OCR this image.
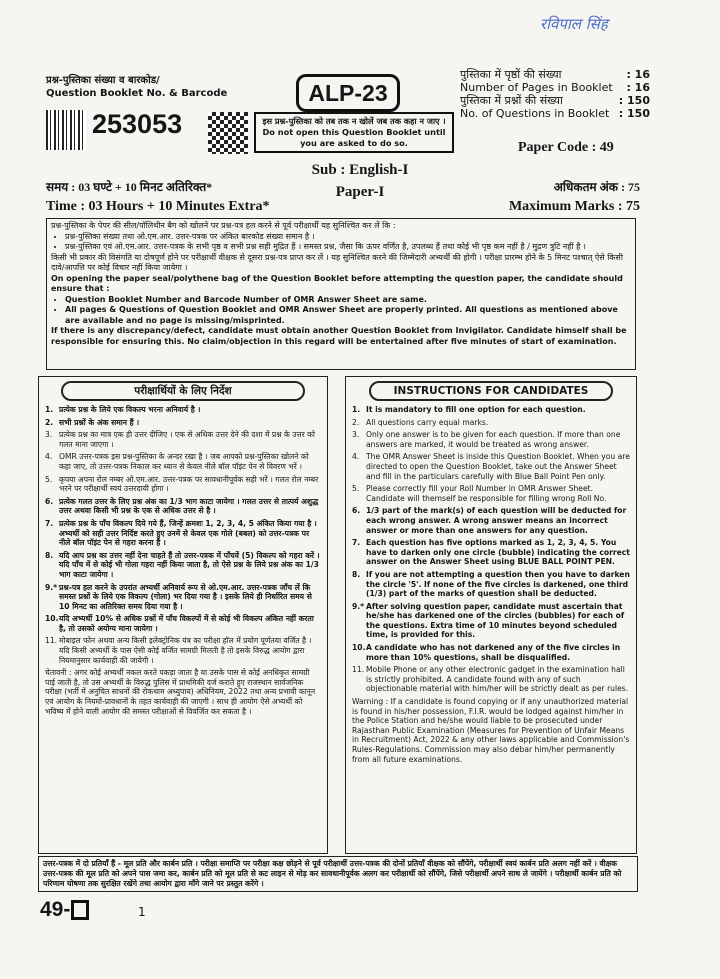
रविपाल सिंह
प्रश्न-पुस्तिका संख्या व बारकोड/
Question Booklet No. & Barcode
253053
ALP-23
इस प्रश्न-पुस्तिका को तब तक न खोलें जब तक कहा न जाए । Do not open this Question Booklet until you are asked to do so.
पुस्तिका में पृष्ठों की संख्या	: 16
Number of Pages in Booklet : 16
पुस्तिका में प्रश्नों की संख्या	: 150
No. of Questions in Booklet : 150
Paper Code : 49
Sub : English-I
Paper-I
समय : 03 घण्टे + 10 मिनट अतिरिक्त*
Time : 03 Hours + 10 Minutes Extra*
अधिकतम अंक : 75
Maximum Marks : 75

प्रश्न-पुस्तिका के पेपर की सील/पॉलिथीन बैग को खोलने पर प्रश्न-पत्र हल करने से पूर्व परीक्षार्थी यह सुनिश्चित कर लें कि :

• प्रश्न-पुस्तिका संख्या तथा ओ.एम.आर. उत्तर-पत्रक पर अंकित बारकोड संख्या समान है ।
• प्रश्न-पुस्तिका एवं ओ.एम.आर. उत्तर-पत्रक के सभी पृष्ठ व सभी प्रश्न सही मुद्रित हैं । समस्त प्रश्न, जैसा कि ऊपर वर्णित है, उपलब्ध हैं तथा कोई भी पृष्ठ कम नहीं है / मुद्रण त्रुटि नहीं है ।

किसी भी प्रकार की विसंगति या दोषपूर्ण होने पर परीक्षार्थी वीक्षक से दूसरा प्रश्न-पत्र प्राप्त कर लें । यह सुनिश्चित करने की जिम्मेदारी अभ्यर्थी की होगी । परीक्षा प्रारम्भ होने के 5 मिनट पश्चात् ऐसे किसी दावे/आपत्ति पर कोई विचार नहीं किया जायेगा ।

On opening the paper seal/polythene bag of the Question Booklet before attempting the question paper, the candidate should ensure that :

• Question Booklet Number and Barcode Number of OMR Answer Sheet are same.
• All pages & Questions of Question Booklet and OMR Answer Sheet are properly printed. All questions as mentioned above are available and no page is missing/misprinted.

If there is any discrepancy/defect, candidate must obtain another Question Booklet from Invigilator. Candidate himself shall be responsible for ensuring this. No claim/objection in this regard will be entertained after five minutes of start of examination.

परीक्षार्थियों के लिए निर्देश
1. प्रत्येक प्रश्न के लिये एक विकल्प भरना अनिवार्य है ।
2. सभी प्रश्नों के अंक समान हैं ।
3. प्रत्येक प्रश्न का मात्र एक ही उत्तर दीजिए । एक से अधिक उत्तर देने की दशा में प्रश्न के उत्तर को गलत माना जाएगा ।
4. OMR उत्तर-पत्रक इस प्रश्न-पुस्तिका के अन्दर रखा है । जब आपको प्रश्न-पुस्तिका खोलने को कहा जाए, तो उत्तर-पत्रक निकाल कर ध्यान से केवल नीले बॉल पॉइंट पेन से विवरण भरें ।
5. कृपया अपना रोल नम्बर ओ.एम.आर. उत्तर-पत्रक पर सावधानीपूर्वक सही भरें । गलत रोल नम्बर भरने पर परीक्षार्थी स्वयं उत्तरदायी होगा ।
6. प्रत्येक गलत उत्तर के लिए प्रश्न अंक का 1/3 भाग काटा जायेगा । गलत उत्तर से तात्पर्य अशुद्ध उत्तर अथवा किसी भी प्रश्न के एक से अधिक उत्तर से है ।
7. प्रत्येक प्रश्न के पाँच विकल्प दिये गये हैं, जिन्हें क्रमशः 1, 2, 3, 4, 5 अंकित किया गया है । अभ्यर्थी को सही उत्तर निर्दिष्ट करते हुए उनमें से केवल एक गोले (बबल) को उत्तर-पत्रक पर नीले बॉल पॉइंट पेन से गहरा करना है ।
8. यदि आप प्रश्न का उत्तर नहीं देना चाहते हैं तो उत्तर-पत्रक में पाँचवें (5) विकल्प को गहरा करें । यदि पाँच में से कोई भी गोला गहरा नहीं किया जाता है, तो ऐसे प्रश्न के लिये प्रश्न अंक का 1/3 भाग काटा जायेगा ।
9.* प्रश्न-पत्र हल करने के उपरांत अभ्यर्थी अनिवार्य रूप से ओ.एम.आर. उत्तर-पत्रक जाँच लें कि समस्त प्रश्नों के लिये एक विकल्प (गोला) भर दिया गया है । इसके लिये ही निर्धारित समय से 10 मिनट का अतिरिक्त समय दिया गया है ।
10. यदि अभ्यर्थी 10% से अधिक प्रश्नों में पाँच विकल्पों में से कोई भी विकल्प अंकित नहीं करता है, तो उसको अयोग्य माना जायेगा ।
11. मोबाइल फोन अथवा अन्य किसी इलेक्ट्रोनिक यंत्र का परीक्षा हॉल में प्रयोग पूर्णतया वर्जित है । यदि किसी अभ्यर्थी के पास ऐसी कोई वर्जित सामग्री मिलती है तो इसके विरुद्ध आयोग द्वारा नियमानुसार कार्यवाही की जायेगी ।
चेतावनी : अगर कोई अभ्यर्थी नकल करते पकड़ा जाता है या उसके पास से कोई अनधिकृत सामग्री पाई जाती है, तो उस अभ्यर्थी के विरुद्ध पुलिस में प्राथमिकी दर्ज कराते हुए राजस्थान सार्वजनिक परीक्षा (भर्ती में अनुचित साधनों की रोकथाम अध्युपाय) अधिनियम, 2022 तथा अन्य प्रभावी कानून एवं आयोग के नियमों-प्रावधानों के तहत कार्यवाही की जाएगी । साथ ही आयोग ऐसे अभ्यर्थी को भविष्य में होने वाली आयोग की समस्त परीक्षाओं से विवर्जित कर सकता है ।
INSTRUCTIONS FOR CANDIDATES
1. It is mandatory to fill one option for each question.
2. All questions carry equal marks.
3. Only one answer is to be given for each question. If more than one answers are marked, it would be treated as wrong answer.
4. The OMR Answer Sheet is inside this Question Booklet. When you are directed to open the Question Booklet, take out the Answer Sheet and fill in the particulars carefully with Blue Ball Point Pen only.
5. Please correctly fill your Roll Number in OMR Answer Sheet. Candidate will themself be responsible for filling wrong Roll No.
6. 1/3 part of the mark(s) of each question will be deducted for each wrong answer. A wrong answer means an incorrect answer or more than one answers for any question.
7. Each question has five options marked as 1, 2, 3, 4, 5. You have to darken only one circle (bubble) indicating the correct answer on the Answer Sheet using BLUE BALL POINT PEN.
8. If you are not attempting a question then you have to darken the circle '5'. If none of the five circles is darkened, one third (1/3) part of the marks of question shall be deducted.
9.* After solving question paper, candidate must ascertain that he/she has darkened one of the circles (bubbles) for each of the questions. Extra time of 10 minutes beyond scheduled time, is provided for this.
10. A candidate who has not darkened any of the five circles in more than 10% questions, shall be disqualified.
11. Mobile Phone or any other electronic gadget in the examination hall is strictly prohibited. A candidate found with any of such objectionable material with him/her will be strictly dealt as per rules.
Warning : If a candidate is found copying or if any unauthorized material is found in his/her possession, F.I.R. would be lodged against him/her in the Police Station and he/she would liable to be prosecuted under Rajasthan Public Examination (Measures for Prevention of Unfair Means in Recruitment) Act, 2022 & any other laws applicable and Commission's Rules-Regulations. Commission may also debar him/her permanently from all future examinations.
उत्तर-पत्रक में दो प्रतियाँ हैं - मूल प्रति और कार्बन प्रति । परीक्षा समाप्ति पर परीक्षा कक्ष छोड़ने से पूर्व परीक्षार्थी उत्तर-पत्रक की दोनों प्रतियाँ वीक्षक को सौंपेंगे, परीक्षार्थी स्वयं कार्बन प्रति अलग नहीं करें । वीक्षक उत्तर-पत्रक की मूल प्रति को अपने पास जमा कर, कार्बन प्रति को मूल प्रति से कट लाइन से मोड़ कर सावधानीपूर्वक अलग कर परीक्षार्थी को सौंपेंगे, जिसे परीक्षार्थी अपने साथ ले जायेंगे । परीक्षार्थी कार्बन प्रति को परिणाम घोषणा तक सुरक्षित रखेंगे तथा आयोग द्वारा माँगे जाने पर प्रस्तुत करेंगे ।
49-	1
